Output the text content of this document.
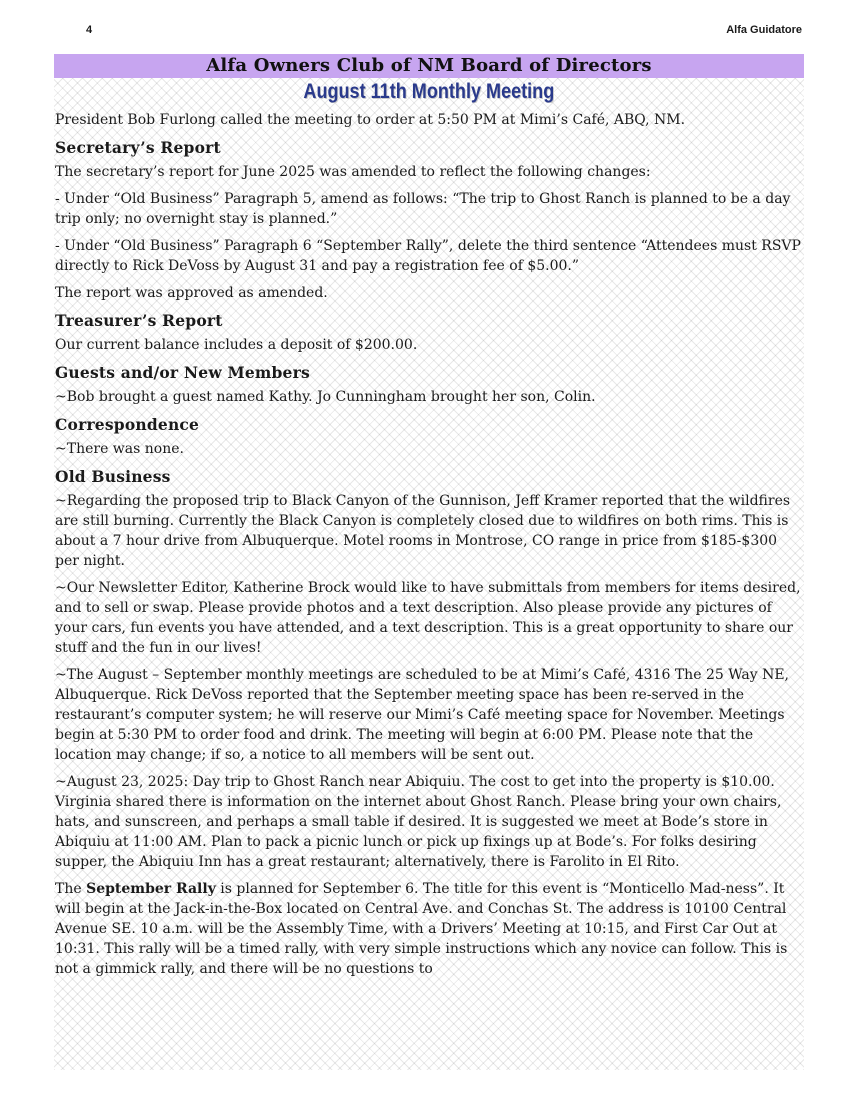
4	Alfa Guidatore
Alfa Owners Club of NM Board of Directors
August 11th Monthly Meeting

President Bob Furlong called the meeting to order at 5:50 PM at Mimi’s Café, ABQ, NM.

Secretary’s Report

The secretary’s report for June 2025 was amended to reflect the following changes:

- Under “Old Business” Paragraph 5, amend as follows: “The trip to Ghost Ranch is planned to be a day trip only; no overnight stay is planned.”

- Under “Old Business” Paragraph 6 “September Rally”, delete the third sentence “Attendees must RSVP directly to Rick DeVoss by August 31 and pay a registration fee of $5.00.”

The report was approved as amended.

Treasurer’s Report

Our current balance includes a deposit of $200.00.

Guests and/or New Members

~Bob brought a guest named Kathy. Jo Cunningham brought her son, Colin.

Correspondence

~There was none.

Old Business

~Regarding the proposed trip to Black Canyon of the Gunnison, Jeff Kramer reported that the wildfires are still burning. Currently the Black Canyon is completely closed due to wildfires on both rims. This is about a 7 hour drive from Albuquerque. Motel rooms in Montrose, CO range in price from $185-$300 per night.

~Our Newsletter Editor, Katherine Brock would like to have submittals from members for items desired, and to sell or swap. Please provide photos and a text description. Also please provide any pictures of your cars, fun events you have attended, and a text description. This is a great opportunity to share our stuff and the fun in our lives!

~The August – September monthly meetings are scheduled to be at Mimi’s Café, 4316 The 25 Way NE, Albuquerque. Rick DeVoss reported that the September meeting space has been re-served in the restaurant’s computer system; he will reserve our Mimi’s Café meeting space for November. Meetings begin at 5:30 PM to order food and drink. The meeting will begin at 6:00 PM. Please note that the location may change; if so, a notice to all members will be sent out.

~August 23, 2025: Day trip to Ghost Ranch near Abiquiu. The cost to get into the property is $10.00. Virginia shared there is information on the internet about Ghost Ranch. Please bring your own chairs, hats, and sunscreen, and perhaps a small table if desired. It is suggested we meet at Bode’s store in Abiquiu at 11:00 AM. Plan to pack a picnic lunch or pick up fixings up at Bode’s. For folks desiring supper, the Abiquiu Inn has a great restaurant; alternatively, there is Farolito in El Rito.

The September Rally is planned for September 6. The title for this event is “Monticello Mad-ness”. It will begin at the Jack-in-the-Box located on Central Ave. and Conchas St. The address is 10100 Central Avenue SE. 10 a.m. will be the Assembly Time, with a Drivers’ Meeting at 10:15, and First Car Out at 10:31. This rally will be a timed rally, with very simple instructions which any novice can follow. This is not a gimmick rally, and there will be no questions to
